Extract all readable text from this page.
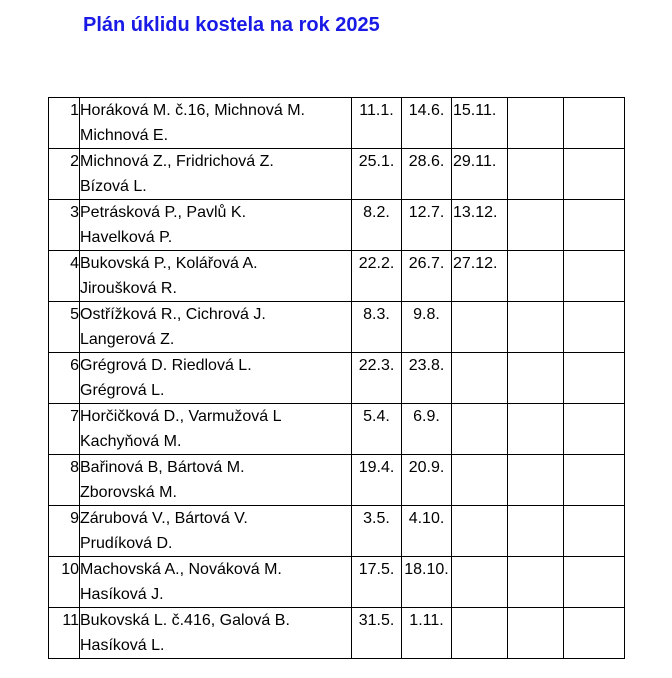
Plán úklidu kostela na rok 2025
1	Horáková M. č.16, Michnová M.
Michnová E.	11.1.	14.6.	15.11.		
2	Michnová Z., Fridrichová Z.
Bízová L.	25.1.	28.6.	29.11.		
3	Petrásková P., Pavlů K.
Havelková P.	8.2.	12.7.	13.12.		
4	Bukovská P., Kolářová A.
Jiroušková R.	22.2.	26.7.	27.12.		
5	Ostřížková R., Cichrová J.
Langerová Z.	8.3.	9.8.			
6	Grégrová D. Riedlová L.
Grégrová L.	22.3.	23.8.			
7	Horčičková D., Varmužová L
Kachyňová M.	5.4.	6.9.			
8	Bařinová B, Bártová M.
Zborovská M.	19.4.	20.9.			
9	Zárubová V., Bártová V.
Prudíková D.	3.5.	4.10.			
10	Machovská A., Nováková M.
Hasíková J.	17.5.	18.10.			
11	Bukovská L. č.416, Galová B.
Hasíková L.	31.5.	1.11.			
